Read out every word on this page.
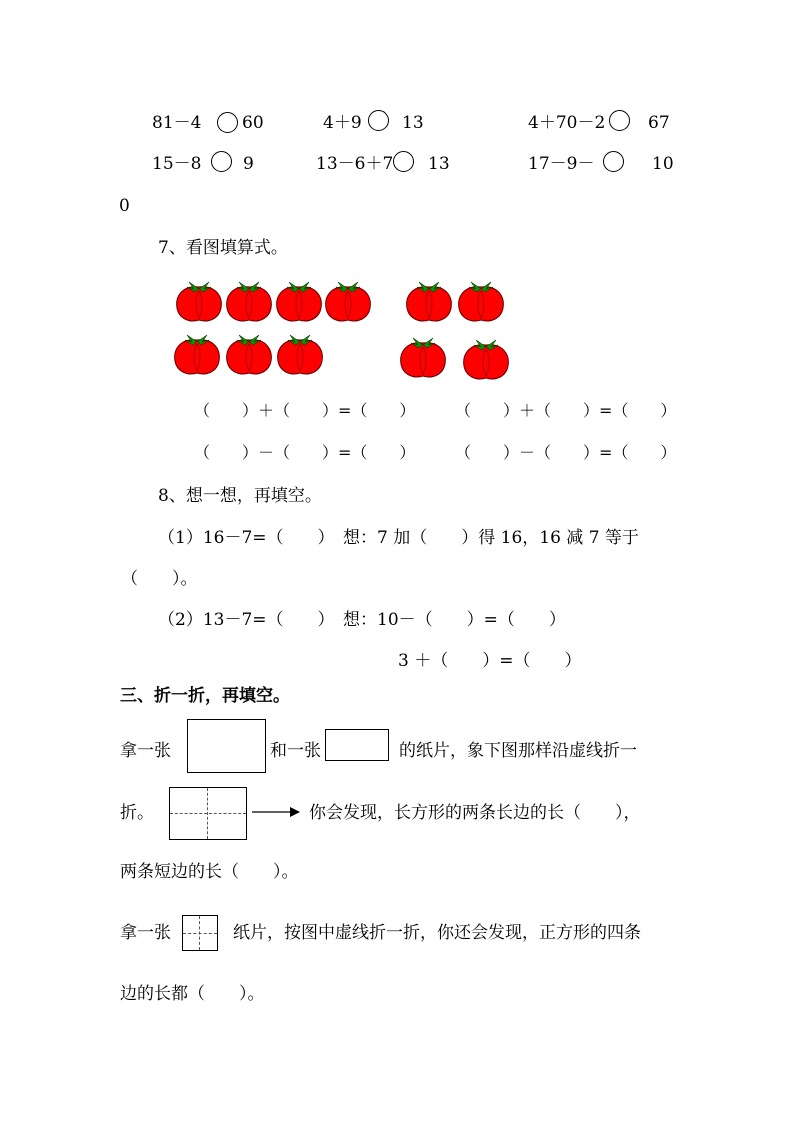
81－4 60	4＋9 13	4＋70－2	67
15－8 9	13－6＋7 13	17－9－	10
0
7、看图填算式。
（　　）＋（　　）=（　　） （　　）＋（　　）=（　　）
（　　）－（　　）=（　　） （　　）－（　　）=（　　）
8、想一想，再填空。
（1）16－7=（　　）　想：7 加（　　）得 16，16 减 7 等于
（　　）。
（2）13－7=（　　）　想：10－（　　）=（　　）
3 ＋（　　）=（　　）
三、折一折，再填空。
拿一张	和一张	的纸片，象下图那样沿虚线折一
折。	你会发现，长方形的两条长边的长（　　），
两条短边的长（　　）。
拿一张	纸片，按图中虚线折一折，你还会发现，正方形的四条
边的长都（　　）。
